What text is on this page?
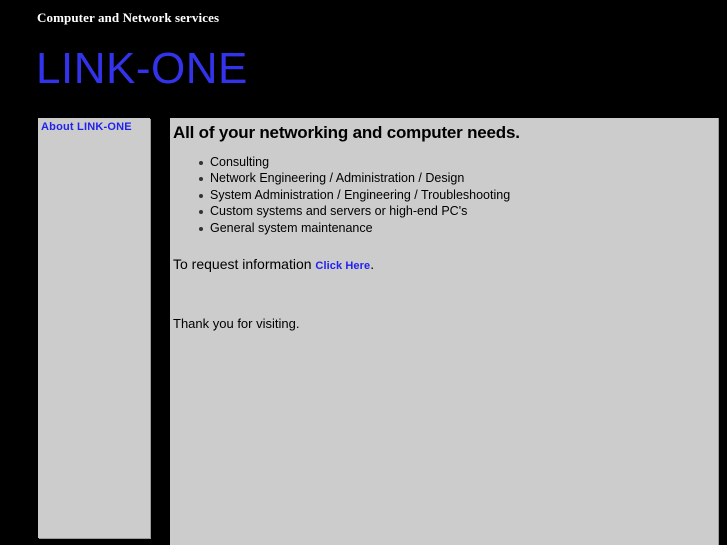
Computer and Network services
LINK-ONE
About LINK-ONE All of your networking and computer needs.
Consulting
Network Engineering / Administration / Design
System Administration / Engineering / Troubleshooting
Custom systems and servers or high-end PC's
General system maintenance
To request information Click Here.
Thank you for visiting.
